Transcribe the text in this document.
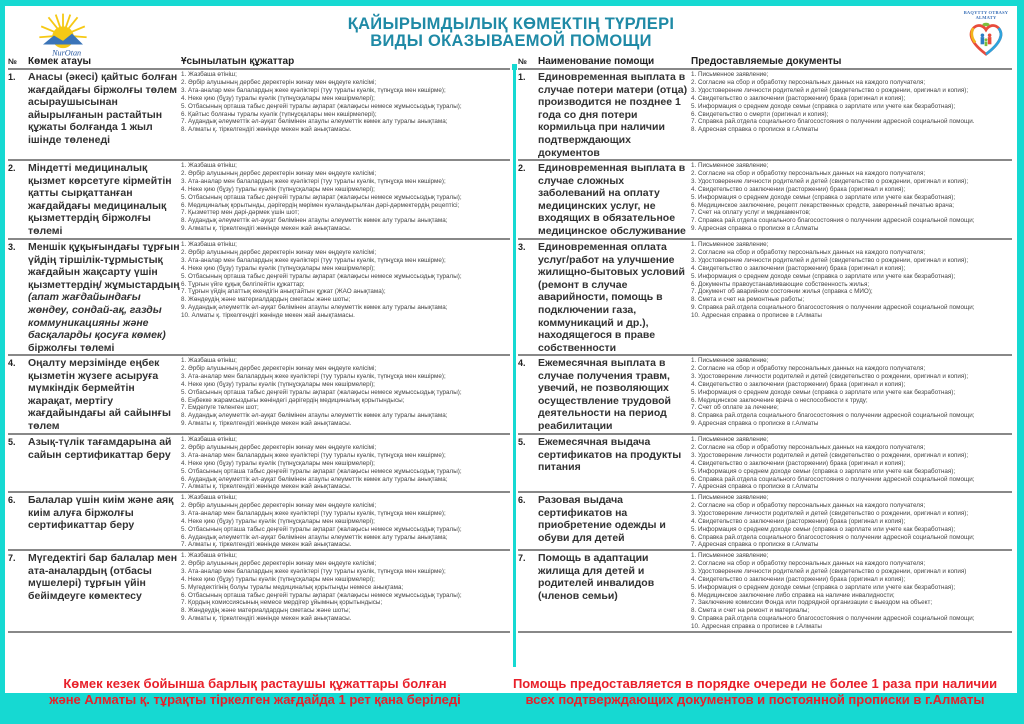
NurOtan
ҚАЙЫРЫМДЫЛЫҚ КӨМЕКТІҢ ТҮРЛЕРІ
ВИДЫ ОКАЗЫВАЕМОЙ ПОМОЩИ
BAQYTTY OTBASY
ALMATY
№	Көмек атауы	Ұсынылатын құжаттар
1.	Анасы (әкесі) қайтыс болған жағдайдағы біржолғы төлем асыраушысынан айырылғанын растайтын құжаты болғанда 1 жыл ішінде төленеді
1. Жазбаша өтініш;
2. Әрбір алушының дербес деректерін жинау мен өңдеуге келісімі;
3. Ата-аналар мен балалардың жеке куәліктері (туу туралы куәлік, түпнұсқа мен көшірме);
4. Неке қию (бұзу) туралы куәлік (түпнұсқалары мен көшірмелері);
5. Отбасының орташа табыс деңгейі туралы ақпарат (жалақысы немесе жұмыссыздық туралы);
6. Қайтыс болғаны туралы куәлік (түпнұсқалары мен көшірмелері);
7. Аудандық әлеуметтік әл-ауқат бөлімінен атаулы әлеуметтік көмек алу туралы анықтама;
8. Алматы қ. тіркелгендігі жөнінде мекен жай анықтамасы.
2.	Міндетті медициналық қызмет көрсетуге кірмейтін қатты сырқаттанған жағдайдағы медициналық қызметтердің біржолғы төлемі
1. Жазбаша өтініш;
2. Әрбір алушының дербес деректерін жинау мен өңдеуге келісімі;
3. Ата-аналар мен балалардың жеке куәліктері (туу туралы куәлік, түпнұсқа мен көшірме);
4. Неке қию (бұзу) туралы куәлік (түпнұсқалары мен көшірмелері);
5. Отбасының орташа табыс деңгейі туралы ақпарат (жалақысы немесе жұмыссыздық туралы);
6. Медициналық қорытынды, дәрігердің мөрімен куәландырылған дәрі-дәрмектердің рецептісі;
7. Қызметтер мен дәрі-дәрмек үшін шот;
8. Аудандық әлеуметтік әл-ауқат бөлімінен атаулы әлеуметтік көмек алу туралы анықтама;
9. Алматы қ. тіркелгендігі жөнінде мекен жай анықтамасы.
3.	Меншік құқығындағы тұрғын үйдің тіршілік-тұрмыстық жағдайын жақсарту үшін қызметтердің/ жұмыстардың (апат жағдайындағы жөндеу, сондай-ақ, газды коммуникацияны және басқаларды қосуға көмек) біржолғы төлемі
1. Жазбаша өтініш;
2. Әрбір алушының дербес деректерін жинау мен өңдеуге келісімі;
3. Ата-аналар мен балалардың жеке куәліктері (туу туралы куәлік, түпнұсқа мен көшірме);
4. Неке қию (бұзу) туралы куәлік (түпнұсқалары мен көшірмелері);
5. Отбасының орташа табыс деңгейі туралы ақпарат (жалақысы немесе жұмыссыздық туралы);
6. Тұрғын үйге құқық белгілейтін құжаттар;
7. Тұрғын үйдің апаттық екендігін анықтайтын құжат (ЖАО анықтама);
8. Жөндеудің және материалдардың сметасы және шоты;
9. Аудандық әлеуметтік әл-ауқат бөлімінен атаулы әлеуметтік көмек алу туралы анықтама;
10. Алматы қ. тіркелгендігі жөнінде мекен жай анықтамасы.
4.	Оңалту мерзімінде еңбек қызметін жүзеге асыруға мүмкіндік бермейтін жарақат, мертігу жағдайындағы ай сайынғы төлем
1. Жазбаша өтініш;
2. Әрбір алушының дербес деректерін жинау мен өңдеуге келісімі;
3. Ата-аналар мен балалардың жеке куәліктері (туу туралы куәлік, түпнұсқа мен көшірме);
4. Неке қию (бұзу) туралы куәлік (түпнұсқалары мен көшірмелері);
5. Отбасының орташа табыс деңгейі туралы ақпарат (жалақысы немесе жұмыссыздық туралы);
6. Еңбекке жарамсыздығы жөніндегі дәрігердің медициналық қорытындысы;
7. Емделуге төленген шот;
8. Аудандық әлеуметтік әл-ауқат бөлімінен атаулы әлеуметтік көмек алу туралы анықтама;
9. Алматы қ. тіркелгендігі жөнінде мекен жай анықтамасы.
5.	Азық-түлік тағамдарына ай сайын сертификаттар беру
1. Жазбаша өтініш;
2. Әрбір алушының дербес деректерін жинау мен өңдеуге келісімі;
3. Ата-аналар мен балалардың жеке куәліктері (туу туралы куәлік, түпнұсқа мен көшірме);
4. Неке қию (бұзу) туралы куәлік (түпнұсқалары мен көшірмелері);
5. Отбасының орташа табыс деңгейі туралы ақпарат (жалақысы немесе жұмыссыздық туралы);
6. Аудандық әлеуметтік әл-ауқат бөлімінен атаулы әлеуметтік көмек алу туралы анықтама;
7. Алматы қ. тіркелгендігі жөнінде мекен жай анықтамасы.
6.	Балалар үшін киім және аяқ киім алуға біржолғы сертификаттар беру
1. Жазбаша өтініш;
2. Әрбір алушының дербес деректерін жинау мен өңдеуге келісімі;
3. Ата-аналар мен балалардың жеке куәліктері (туу туралы куәлік, түпнұсқа мен көшірме);
4. Неке қию (бұзу) туралы куәлік (түпнұсқалары мен көшірмелері);
5. Отбасының орташа табыс деңгейі туралы ақпарат (жалақысы немесе жұмыссыздық туралы);
6. Аудандық әлеуметтік әл-ауқат бөлімінен атаулы әлеуметтік көмек алу туралы анықтама;
7. Алматы қ. тіркелгендігі жөнінде мекен жай анықтамасы.
7.	Мүгедектігі бар балалар мен ата-аналардың (отбасы мүшелері) тұрғын үйін бейімдеуге көмектесу
1. Жазбаша өтініш;
2. Әрбір алушының дербес деректерін жинау мен өңдеуге келісімі;
3. Ата-аналар мен балалардың жеке куәліктері (туу туралы куәлік, түпнұсқа мен көшірме);
4. Неке қию (бұзу) туралы куәлік (түпнұсқалары мен көшірмелері);
5. Мүгедектігінің болуы туралы медициналық қорытынды немесе анықтама;
6. Отбасының орташа табыс деңгейі туралы ақпарат (жалақысы немесе жұмыссыздық туралы);
7. Қордың комиссиясының немесе мердігер ұйымның қорытындысы;
8. Жөндеудің және материалдардың сметасы және шоты;
9. Алматы қ. тіркелгендігі жөнінде мекен жай анықтамасы.
№	Наименование помощи	Предоставляемые документы
1.	Единовременная выплата в случае потери матери (отца) производится не позднее 1 года со дня потери кормильца при наличии подтверждающих документов
1. Письменное заявление;
2. Согласие на сбор и обработку персональных данных на каждого получателя;
3. Удостоверение личности родителей и детей (свидетельство о рождении, оригинал и копия);
4. Свидетельство о заключении (расторжении) брака (оригинал и копия);
5. Информация о среднем доходе семьи (справка о зарплате или учете как безработная);
6. Свидетельство о смерти (оригинал и копия);
7. Справка рай.отдела социального благосостояния о получении адресной социальной помощи.
8. Адресная справка о прописке в г.Алматы
2.	Единовременная выплата в случае сложных заболеваний на оплату медицинских услуг, не входящих в обязательное медицинское обслуживание
1. Письменное заявление;
2. Согласие на сбор и обработку персональных данных на каждого получателя;
3. Удостоверение личности родителей и детей (свидетельство о рождении, оригинал и копия);
4. Свидетельство о заключении (расторжении) брака (оригинал и копия);
5. Информация о среднем доходе семьи (справка о зарплате или учете как безработная);
6. Медицинское заключение, рецепт лекарственных средств, заверенный печатью врача;
7. Счет на оплату услуг и медикаментов;
7. Справка рай.отдела социального благосостояния о получении адресной социальной помощи;
9. Адресная справка о прописке в г.Алматы
3.	Единовременная оплата услуг/работ на улучшение жилищно-бытовых условий (ремонт в случае аварийности, помощь в подключении газа, коммуникаций и др.), находящегося в праве собственности
1. Письменное заявление;
2. Согласие на сбор и обработку персональных данных на каждого получателя;
3. Удостоверение личности родителей и детей (свидетельство о рождении, оригинал и копия);
4. Свидетельство о заключении (расторжении) брака (оригинал и копия);
5. Информация о среднем доходе семьи (справка о зарплате или учете как безработная);
6. Документы правоустанавливающие собственность жилья;
7. Документ об аварийном состоянии жилья (справка с МИО);
8. Смета и счет на ремонтные работы;
9. Справка рай.отдела социального благосостояния о получении адресной социальной помощи;
10. Адресная справка о прописке в г.Алматы
4.	Ежемесячная выплата в случае получения травм, увечий, не позволяющих осуществление трудовой деятельности на период реабилитации
1. Письменное заявление;
2. Согласие на сбор и обработку персональных данных на каждого получателя;
3. Удостоверение личности родителей и детей (свидетельство о рождении, оригинал и копия);
4. Свидетельство о заключении (расторжении) брака (оригинал и копия);
5. Информация о среднем доходе семьи (справка о зарплате или учете как безработная);
6. Медицинское заключение врача о неспособности к труду;
7. Счет об оплате за лечение;
8. Справка рай.отдела социального благосостояния о получении адресной социальной помощи;
9. Адресная справка о прописке в г.Алматы
5.	Ежемесячная выдача сертификатов на продукты питания
1. Письменное заявление;
2. Согласие на сбор и обработку персональных данных на каждого получателя;
3. Удостоверение личности родителей и детей (свидетельство о рождении, оригинал и копия);
4. Свидетельство о заключении (расторжении) брака (оригинал и копия);
5. Информация о среднем доходе семьи (справка о зарплате или учете как безработная);
6. Справка рай.отдела социального благосостояния о получении адресной социальной помощи;
7. Адресная справка о прописке в г.Алматы
6.	Разовая выдача сертификатов на приобретение одежды и обуви для детей
1. Письменное заявление;
2. Согласие на сбор и обработку персональных данных на каждого получателя;
3. Удостоверение личности родителей и детей (свидетельство о рождении, оригинал и копия);
4. Свидетельство о заключении (расторжении) брака (оригинал и копия);
5. Информация о среднем доходе семьи (справка о зарплате или учете как безработная);
6. Справка рай.отдела социального благосостояния о получении адресной социальной помощи;
7. Адресная справка о прописке в г.Алматы
7.	Помощь в адаптации жилища для детей и родителей инвалидов (членов семьи)
1. Письменное заявление;
2. Согласие на сбор и обработку персональных данных на каждого получателя;
3. Удостоверение личности родителей и детей (свидетельство о рождении, оригинал и копия)
4. Свидетельство о заключении (расторжении) брака (оригинал и копия);
5. Информация о среднем доходе семьи (справка о зарплате или учете как безработная);
6. Медицинское заключение либо справка на наличие инвалидности;
7. Заключение комиссии Фонда или подрядной организации с выездом на объект;
8. Смета и счет на ремонт и материалы;
9. Справка рай.отдела социального благосостояния о получении адресной социальной помощи;
10. Адресная справка о прописке в г.Алматы
Көмек кезек бойынша барлық растаушы құжаттары болған
және Алматы қ. тұрақты тіркелген жағдайда 1 рет қана беріледі
Помощь предоставляется в порядке очереди не более 1 раза при наличии
всех подтверждающих документов и постоянной прописки в г.Алматы
